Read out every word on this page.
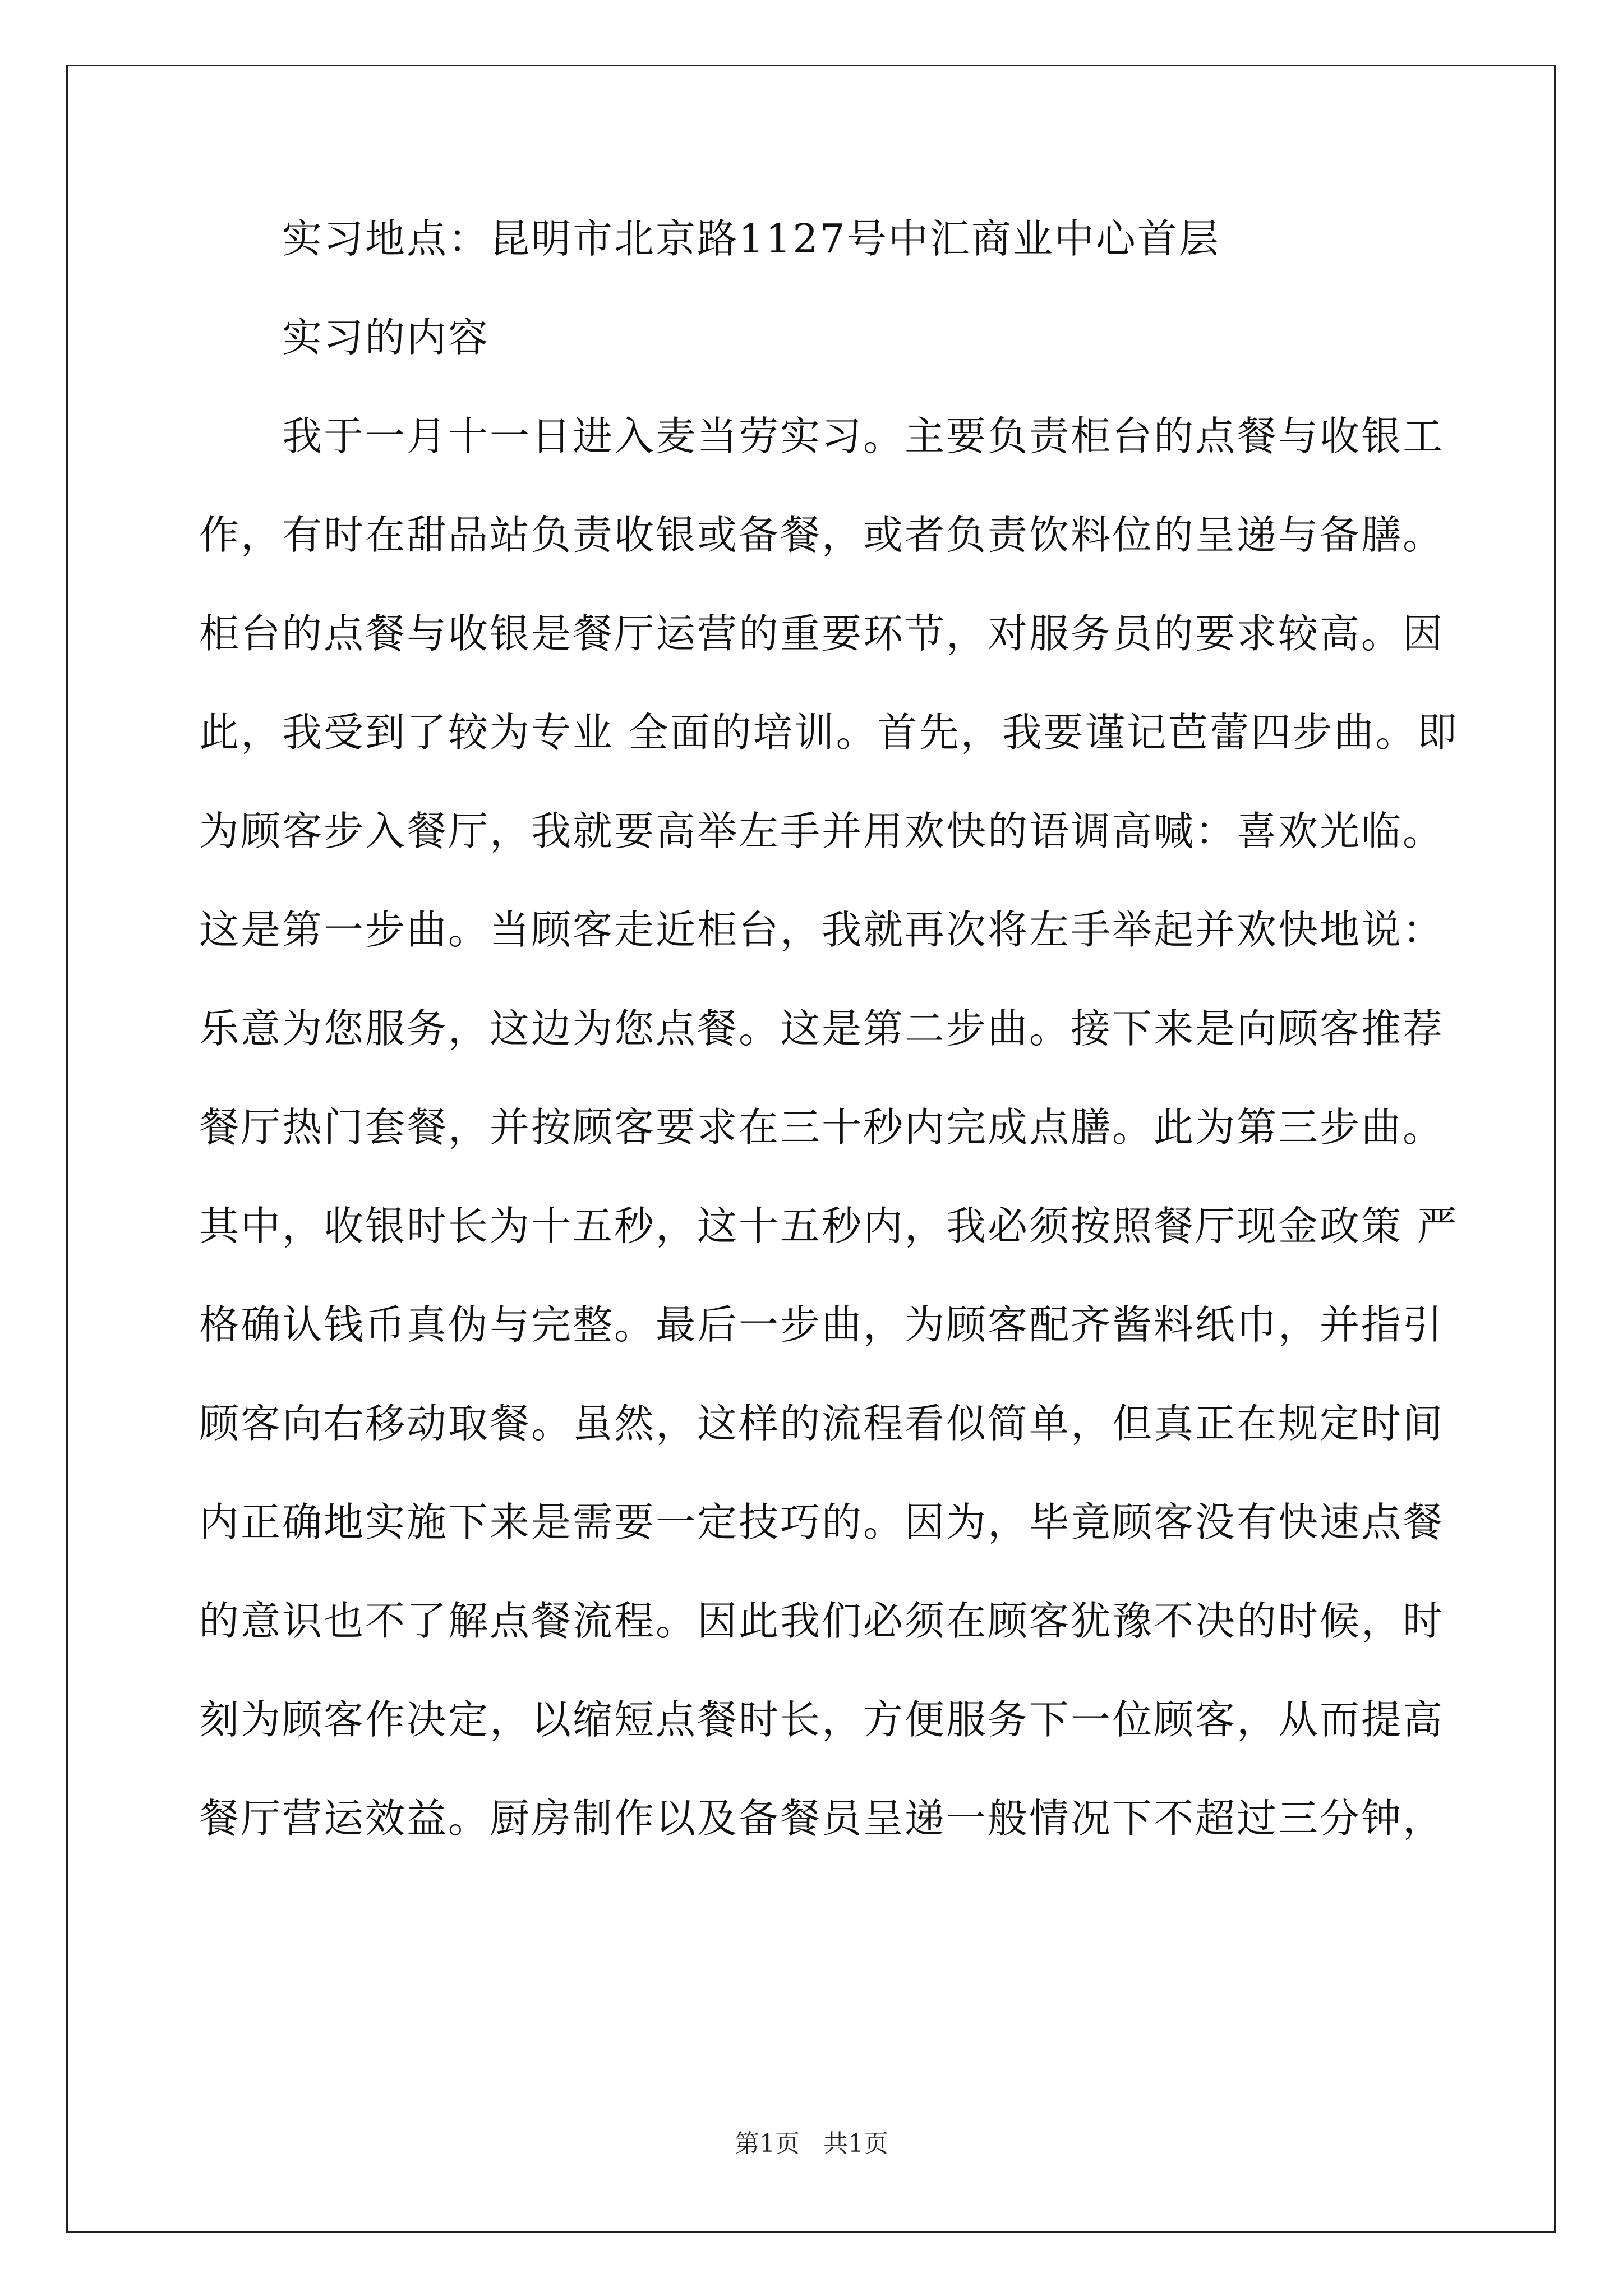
实习地点：昆明市北京路1127号中汇商业中心首层
实习的内容
我于一月十一日进入麦当劳实习。主要负责柜台的点餐与收银工
作，有时在甜品站负责收银或备餐，或者负责饮料位的呈递与备膳。
柜台的点餐与收银是餐厅运营的重要环节，对服务员的要求较高。因
此，我受到了较为专业 全面的培训。首先，我要谨记芭蕾四步曲。即
为顾客步入餐厅，我就要高举左手并用欢快的语调高喊：喜欢光临。
这是第一步曲。当顾客走近柜台，我就再次将左手举起并欢快地说：
乐意为您服务，这边为您点餐。这是第二步曲。接下来是向顾客推荐
餐厅热门套餐，并按顾客要求在三十秒内完成点膳。此为第三步曲。
其中，收银时长为十五秒，这十五秒内，我必须按照餐厅现金政策 严
格确认钱币真伪与完整。最后一步曲，为顾客配齐酱料纸巾，并指引
顾客向右移动取餐。虽然，这样的流程看似简单，但真正在规定时间
内正确地实施下来是需要一定技巧的。因为，毕竟顾客没有快速点餐
的意识也不了解点餐流程。因此我们必须在顾客犹豫不决的时候，时
刻为顾客作决定，以缩短点餐时长，方便服务下一位顾客，从而提高
餐厅营运效益。厨房制作以及备餐员呈递一般情况下不超过三分钟，
第1页   共1页
